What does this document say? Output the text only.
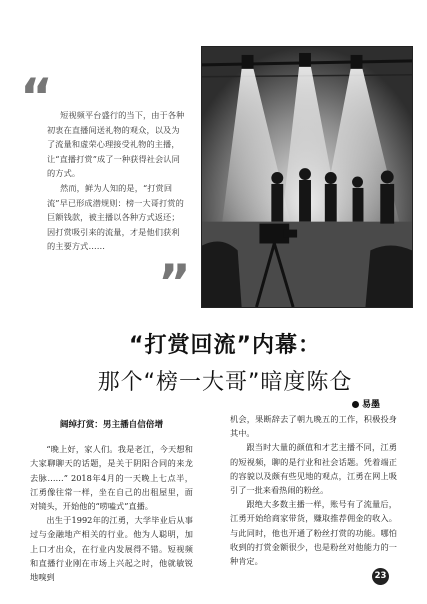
“ 短视频平台盛行的当下，由于各种初衷在直播间送礼物的观众，以及为了流量和虚荣心理接受礼物的主播，让“直播打赏”成了一种获得社会认同的方式。

然而，鲜为人知的是，“打赏回流”早已形成潜规则：榜一大哥打赏的巨额钱款，被主播以各种方式返还；因打赏吸引来的流量，才是他们获利的主要方式……

”
“打赏回流”内幕：
那个“榜一大哥”暗度陈仓
易墨

阔绰打赏：男主播自信倍增

“晚上好，家人们。我是老江，今天想和大家聊聊天的话题，是关于阴阳合同的来龙去脉……” 2018年4月的一天晚上七点半，江勇像往常一样，坐在自己的出租屋里，面对镜头，开始他的“唠嗑式”直播。

出生于1992年的江勇，大学毕业后从事过与金融地产相关的行业。他为人聪明，加上口才出众，在行业内发展得不错。短视频和直播行业刚在市场上兴起之时，他就敏锐地嗅到

机会，果断辞去了朝九晚五的工作，积极投身其中。

跟当时大量的颜值和才艺主播不同，江勇的短视频，聊的是行业和社会话题。凭着端正的容貌以及颇有些见地的观点，江勇在网上吸引了一批来看热闹的粉丝。

跟绝大多数主播一样，账号有了流量后，江勇开始给商家带货，赚取推荐佣金的收入。与此同时，他也开通了粉丝打赏的功能。哪怕收到的打赏金额很少，也是粉丝对他能力的一种肯定。

23
